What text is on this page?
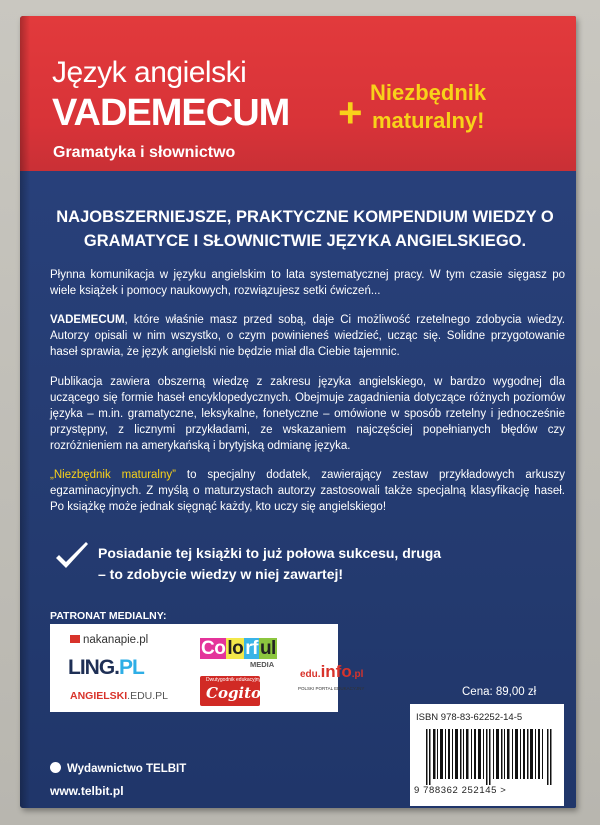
Język angielski
VADEMECUM
Gramatyka i słownictwo
+ Niezbędnik
maturalny!
NAJOBSZERNIEJSZE, PRAKTYCZNE KOMPENDIUM WIEDZY O GRAMATYCE I SŁOWNICTWIE JĘZYKA ANGIELSKIEGO.
Płynna komunikacja w języku angielskim to lata systematycznej pracy. W tym czasie sięgasz po wiele książek i pomocy naukowych, rozwiązujesz setki ćwiczeń...
VADEMECUM, które właśnie masz przed sobą, daje Ci możliwość rzetelnego zdobycia wiedzy. Autorzy opisali w nim wszystko, o czym powinieneś wiedzieć, ucząc się. Solidne przygotowanie haseł sprawia, że język angielski nie będzie miał dla Ciebie tajemnic.
Publikacja zawiera obszerną wiedzę z zakresu języka angielskiego, w bardzo wygodnej dla uczącego się formie haseł encyklopedycznych. Obejmuje zagadnienia dotyczące różnych poziomów języka – m.in. gramatyczne, leksykalne, fonetyczne – omówione w sposób rzetelny i jednocześnie przystępny, z licznymi przykładami, ze wskazaniem najczęściej popełnianych błędów czy rozróżnieniem na amerykańską i brytyjską odmianę języka.
„Niezbędnik maturalny” to specjalny dodatek, zawierający zestaw przykładowych arkuszy egzaminacyjnych. Z myślą o maturzystach autorzy zastosowali także specjalną klasyfikację haseł. Po książkę może jednak sięgnąć każdy, kto uczy się angielskiego!
Posiadanie tej książki to już połowa sukcesu, druga
– to zdobycie wiedzy w niej zawartej!
PATRONAT MEDIALNY:
nakanapie.pl
LING.PL
ANGIELSKI.EDU.PL
Co lo rf ul
MEDIA
Dwutygodnik edukacyjny
Cogito
edu.info.pl
POLSKI PORTAL EDUKACYJNY	Cena: 89,00 zł
ISBN 978-83-62252-14-5
9 788362 252145 >
Wydawnictwo TELBIT
www.telbit.pl
